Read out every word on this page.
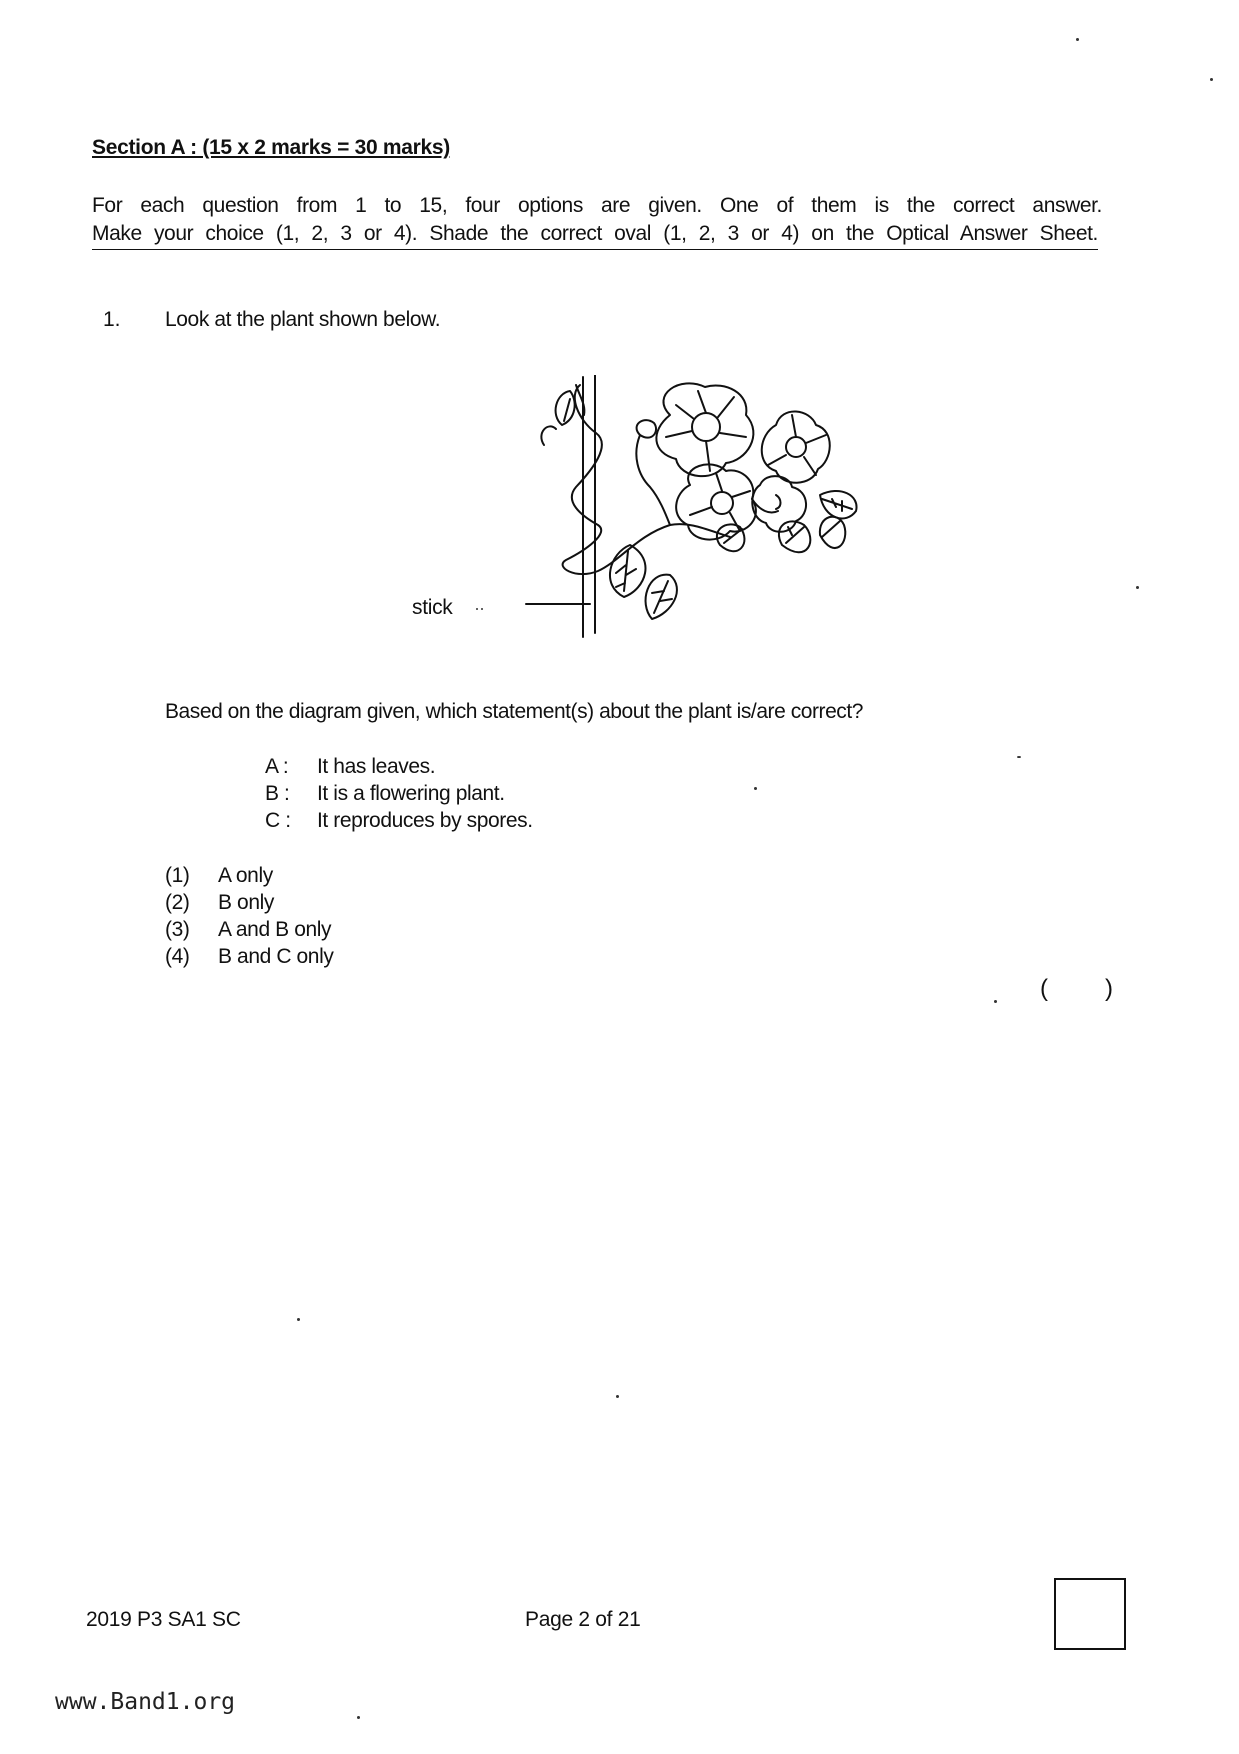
Section A : (15 x 2 marks = 30 marks)
For each question from 1 to 15, four options are given. One of them is the correct answer.
Make your choice (1, 2, 3 or 4). Shade the correct oval (1, 2, 3 or 4) on the Optical Answer Sheet.
1. Look at the plant shown below.
stick
Based on the diagram given, which statement(s) about the plant is/are correct?
A :	It has leaves.
B :	It is a flowering plant.
C :	It reproduces by spores.
(1)	A only
(2)	B only
(3)	A and B only
(4)	B and C only
( )
2019 P3 SA1 SC	Page 2 of 21
www.Band1.org
